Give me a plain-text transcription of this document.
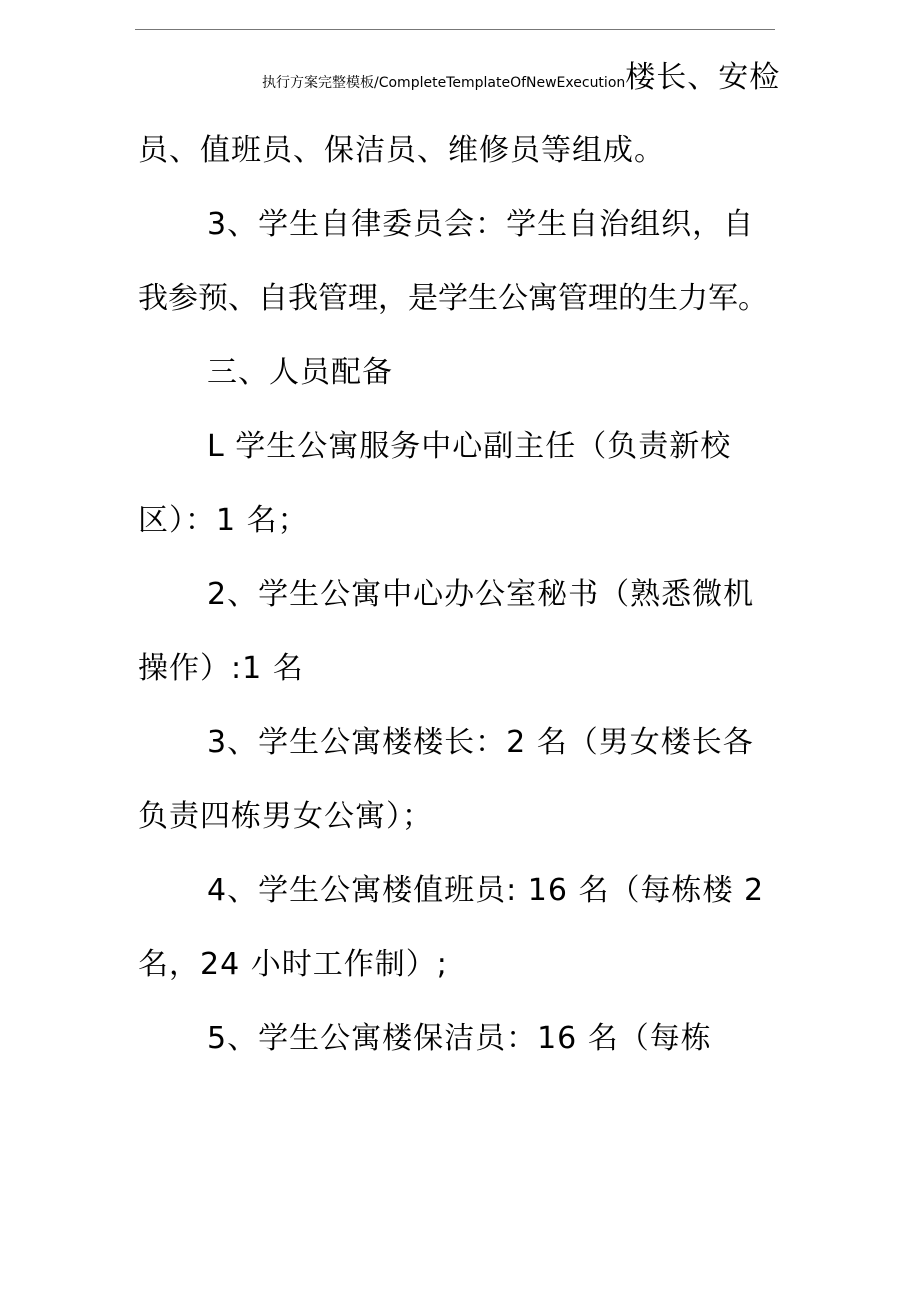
执行方案完整模板/CompleteTemplateOfNewExecution楼长、安检
员、值班员、保洁员、维修员等组成。
3、学生自律委员会：学生自治组织，自
我参预、自我管理，是学生公寓管理的生力军。
三、人员配备
L 学生公寓服务中心副主任（负责新校
区）：1 名；
2、学生公寓中心办公室秘书（熟悉微机
操作）:1 名
3、学生公寓楼楼长：2 名（男女楼长各
负责四栋男女公寓）；
4、学生公寓楼值班员: 16 名（每栋楼 2
名，24 小时工作制）;
5、学生公寓楼保洁员：16 名（每栋
